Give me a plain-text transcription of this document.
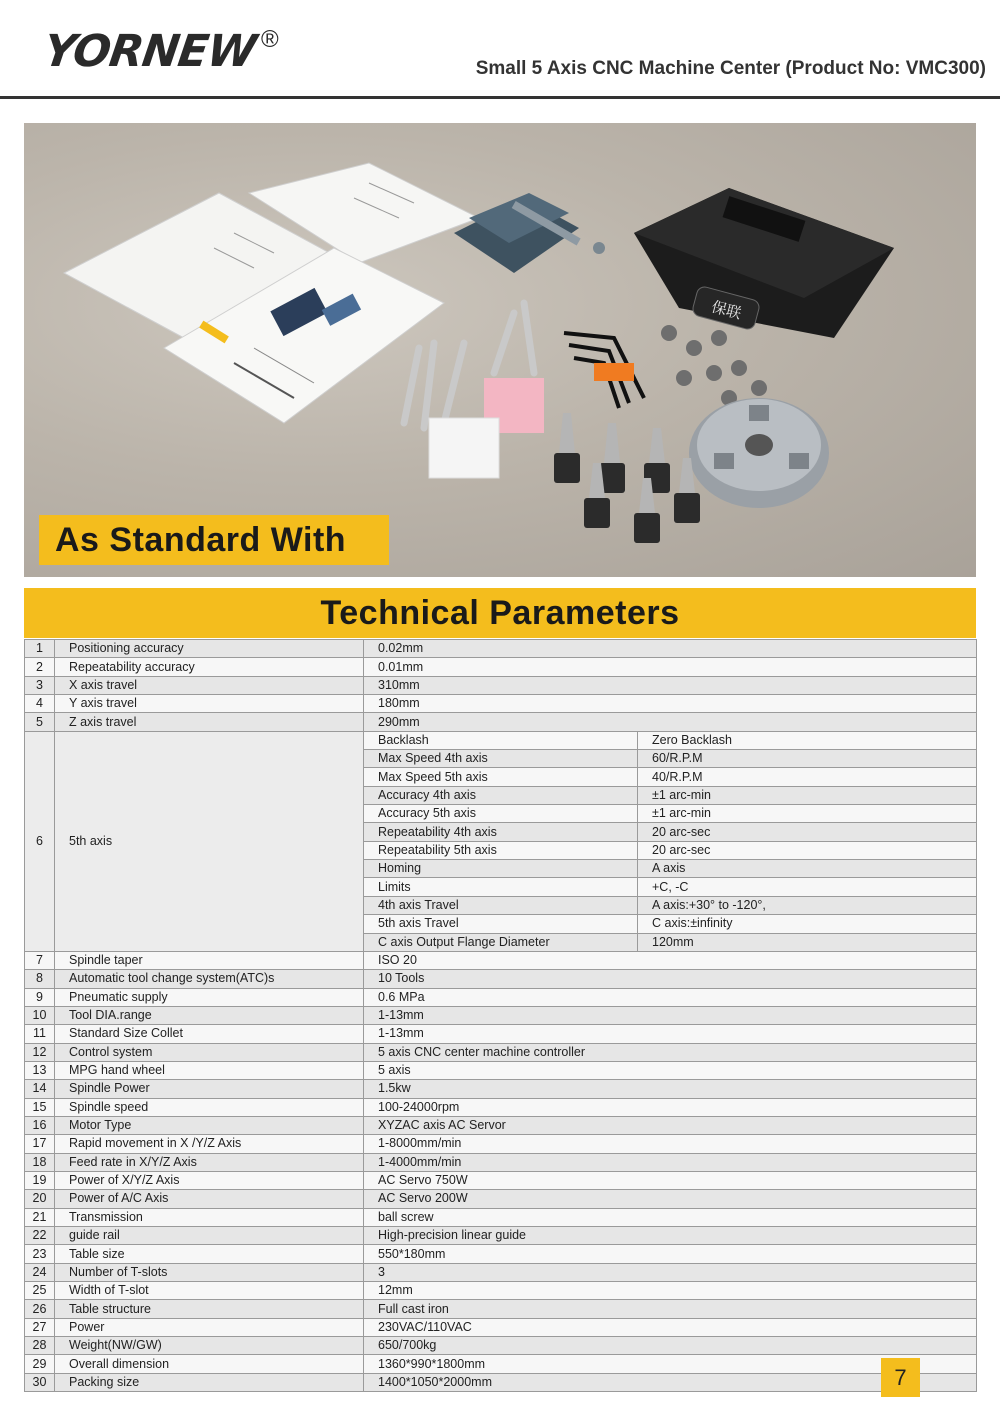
YORNEW ®
Small 5 Axis CNC Machine Center (Product No: VMC300)
保联
As Standard With
Technical Parameters
1	Positioning accuracy	0.02mm	
2	Repeatability accuracy	0.01mm	
3	X axis travel	310mm	
4	Y axis travel	180mm	
5	Z axis travel	290mm	
6	5th axis	Backlash	Zero Backlash
		Max Speed 4th axis	60/R.P.M
		Max Speed 5th axis	40/R.P.M
		Accuracy 4th axis	±1 arc-min
		Accuracy 5th axis	±1 arc-min
		Repeatability 4th axis	20 arc-sec
		Repeatability 5th axis	20 arc-sec
		Homing	A axis
		Limits	+C, -C
		4th axis Travel	A axis:+30° to -120°,
		5th axis Travel	C axis:±infinity
		C axis Output Flange Diameter	120mm
7	Spindle taper	ISO 20	
8	Automatic tool change system(ATC)s	10 Tools	
9	Pneumatic supply	0.6 MPa	
10	Tool DIA.range	1-13mm	
11	Standard Size Collet	1-13mm	
12	Control system	5 axis CNC center machine controller	
13	MPG hand wheel	5 axis	
14	Spindle Power	1.5kw	
15	Spindle speed	100-24000rpm	
16	Motor Type	XYZAC axis AC Servor	
17	Rapid movement in X /Y/Z Axis	1-8000mm/min	
18	Feed rate in X/Y/Z Axis	1-4000mm/min	
19	Power of X/Y/Z Axis	AC Servo 750W	
20	Power of A/C Axis	AC Servo 200W	
21	Transmission	ball screw	
22	guide rail	High-precision linear guide	
23	Table size	550*180mm	
24	Number of T-slots	3	
25	Width of T-slot	12mm	
26	Table structure	Full cast iron	
27	Power	230VAC/110VAC	
28	Weight(NW/GW)	650/700kg	
29	Overall dimension	1360*990*1800mm	
30	Packing size	1400*1050*2000mm		7
